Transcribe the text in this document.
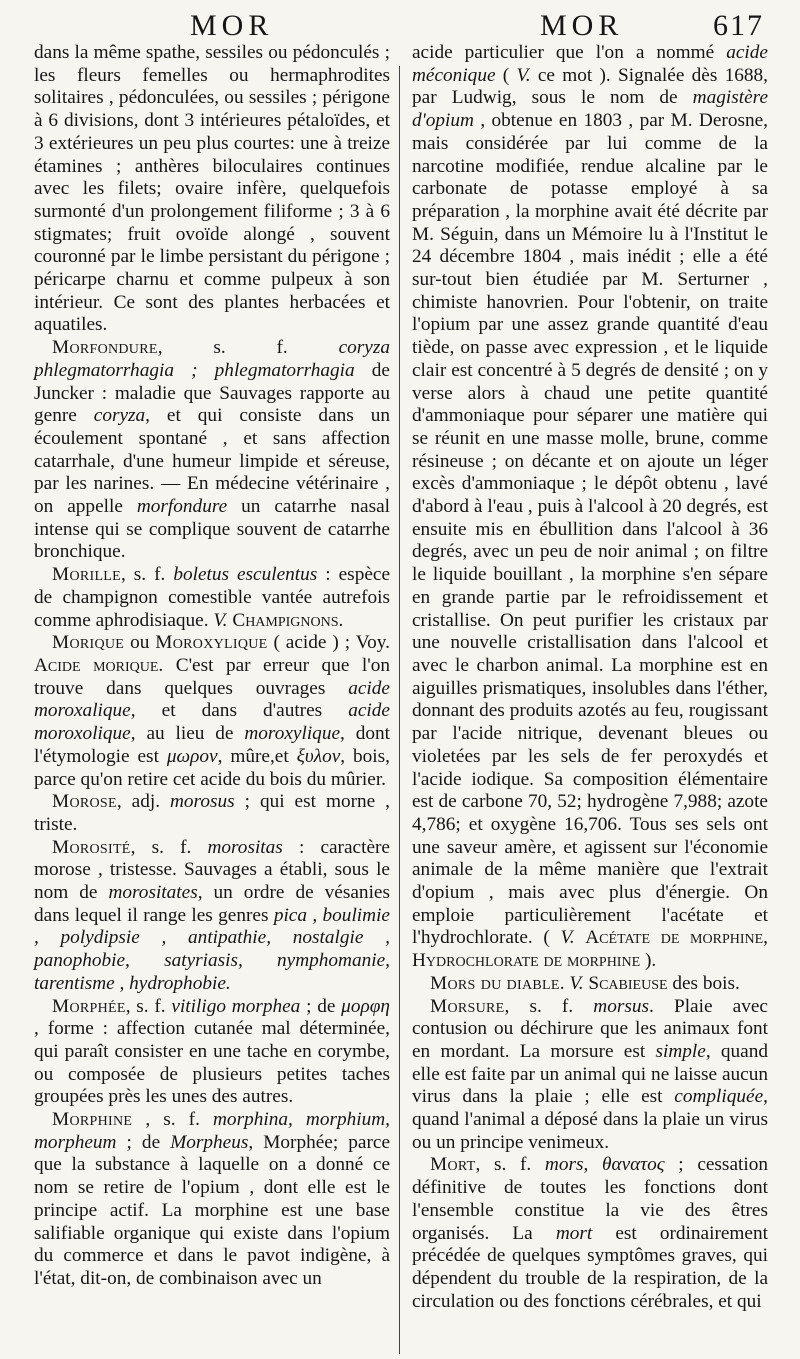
MOR	MOR	617

dans la même spathe, sessiles ou pédonculés ; les fleurs femelles ou hermaphrodites solitaires , pédonculées, ou sessiles ; périgone à 6 divisions, dont 3 intérieures pétaloïdes, et 3 extérieures un peu plus courtes: une à treize étamines ; anthères biloculaires continues avec les filets; ovaire infère, quelquefois surmonté d'un prolongement filiforme ; 3 à 6 stigmates; fruit ovoïde alongé , souvent couronné par le limbe persistant du périgone ; péricarpe charnu et comme pulpeux à son intérieur. Ce sont des plantes herbacées et aquatiles.

Morfondure, s. f. coryza phlegmatorrhagia ; phlegmatorrhagia de Juncker : maladie que Sauvages rapporte au genre coryza, et qui consiste dans un écoulement spontané , et sans affection catarrhale, d'une humeur limpide et séreuse, par les narines. — En médecine vétérinaire , on appelle morfondure un catarrhe nasal intense qui se complique souvent de catarrhe bronchique.

Morille, s. f. boletus esculentus : espèce de champignon comestible vantée autrefois comme aphrodisiaque. V. Champignons.

Morique ou Moroxylique ( acide ) ; Voy. Acide morique. C'est par erreur que l'on trouve dans quelques ouvrages acide moroxalique, et dans d'autres acide moroxolique, au lieu de moroxylique, dont l'étymologie est μωρον, mûre,et ξυλον, bois, parce qu'on retire cet acide du bois du mûrier.

Morose, adj. morosus ; qui est morne , triste.

Morosité, s. f. morositas : caractère morose , tristesse. Sauvages a établi, sous le nom de morositates, un ordre de vésanies dans lequel il range les genres pica , boulimie , polydipsie , antipathie, nostalgie , panophobie, satyriasis, nymphomanie, tarentisme , hydrophobie.

Morphée, s. f. vitiligo morphea ; de μορφη , forme : affection cutanée mal déterminée, qui paraît consister en une tache en corymbe, ou composée de plusieurs petites taches groupées près les unes des autres.

Morphine , s. f. morphina, morphium, morpheum ; de Morpheus, Morphée; parce que la substance à laquelle on a donné ce nom se retire de l'opium , dont elle est le principe actif. La morphine est une base salifiable organique qui existe dans l'opium du commerce et dans le pavot indigène, à l'état, dit-on, de combinaison avec un

acide particulier que l'on a nommé acide méconique ( V. ce mot ). Signalée dès 1688, par Ludwig, sous le nom de magistère d'opium , obtenue en 1803 , par M. Derosne, mais considérée par lui comme de la narcotine modifiée, rendue alcaline par le carbonate de potasse employé à sa préparation , la morphine avait été décrite par M. Séguin, dans un Mémoire lu à l'Institut le 24 décembre 1804 , mais inédit ; elle a été sur-tout bien étudiée par M. Serturner , chimiste hanovrien. Pour l'obtenir, on traite l'opium par une assez grande quantité d'eau tiède, on passe avec expression , et le liquide clair est concentré à 5 degrés de densité ; on y verse alors à chaud une petite quantité d'ammoniaque pour séparer une matière qui se réunit en une masse molle, brune, comme résineuse ; on décante et on ajoute un léger excès d'ammoniaque ; le dépôt obtenu , lavé d'abord à l'eau , puis à l'alcool à 20 degrés, est ensuite mis en ébullition dans l'alcool à 36 degrés, avec un peu de noir animal ; on filtre le liquide bouillant , la morphine s'en sépare en grande partie par le refroidissement et cristallise. On peut purifier les cristaux par une nouvelle cristallisation dans l'alcool et avec le charbon animal. La morphine est en aiguilles prismatiques, insolubles dans l'éther, donnant des produits azotés au feu, rougissant par l'acide nitrique, devenant bleues ou violetées par les sels de fer peroxydés et l'acide iodique. Sa composition élémentaire est de carbone 70, 52; hydrogène 7,988; azote 4,786; et oxygène 16,706. Tous ses sels ont une saveur amère, et agissent sur l'économie animale de la même manière que l'extrait d'opium , mais avec plus d'énergie. On emploie particulièrement l'acétate et l'hydrochlorate. ( V. Acétate de morphine, Hydrochlorate de morphine ).

Mors du diable. V. Scabieuse des bois.

Morsure, s. f. morsus. Plaie avec contusion ou déchirure que les animaux font en mordant. La morsure est simple, quand elle est faite par un animal qui ne laisse aucun virus dans la plaie ; elle est compliquée, quand l'animal a déposé dans la plaie un virus ou un principe venimeux.

Mort, s. f. mors, θανατος ; cessation définitive de toutes les fonctions dont l'ensemble constitue la vie des êtres organisés. La mort est ordinairement précédée de quelques symptômes graves, qui dépendent du trouble de la respiration, de la circulation ou des fonctions cérébrales, et qui
